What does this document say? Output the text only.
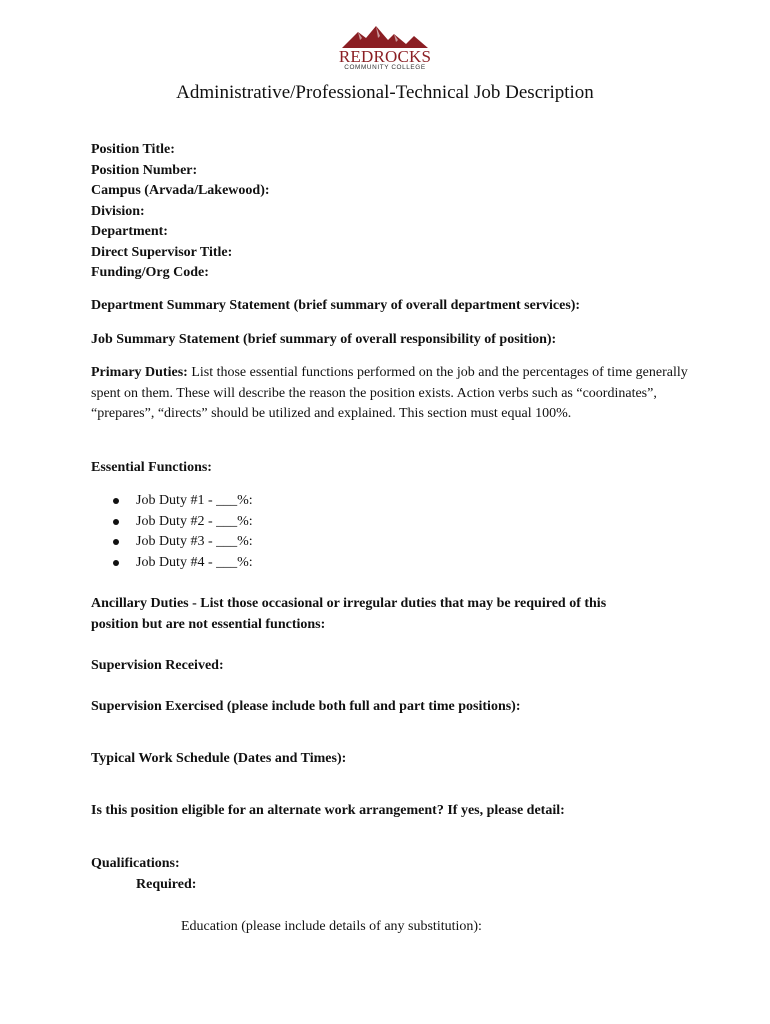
REDROCKS
COMMUNITY COLLEGE
Administrative/Professional-Technical Job Description
Position Title:
Position Number:
Campus (Arvada/Lakewood):
Division:
Department:
Direct Supervisor Title:
Funding/Org Code:
Department Summary Statement (brief summary of overall department services):
Job Summary Statement (brief summary of overall responsibility of position):
Primary Duties: List those essential functions performed on the job and the percentages of time generally spent on them. These will describe the reason the position exists. Action verbs such as “coordinates”, “prepares”, “directs” should be utilized and explained. This section must equal 100%.
Essential Functions:
Job Duty #1 - ___%:
Job Duty #2 - ___%:
Job Duty #3 - ___%:
Job Duty #4 - ___%:
Ancillary Duties - List those occasional or irregular duties that may be required of this
position but are not essential functions:
Supervision Received:
Supervision Exercised (please include both full and part time positions):
Typical Work Schedule (Dates and Times):
Is this position eligible for an alternate work arrangement? If yes, please detail:
Qualifications:
Required:
Education (please include details of any substitution):
